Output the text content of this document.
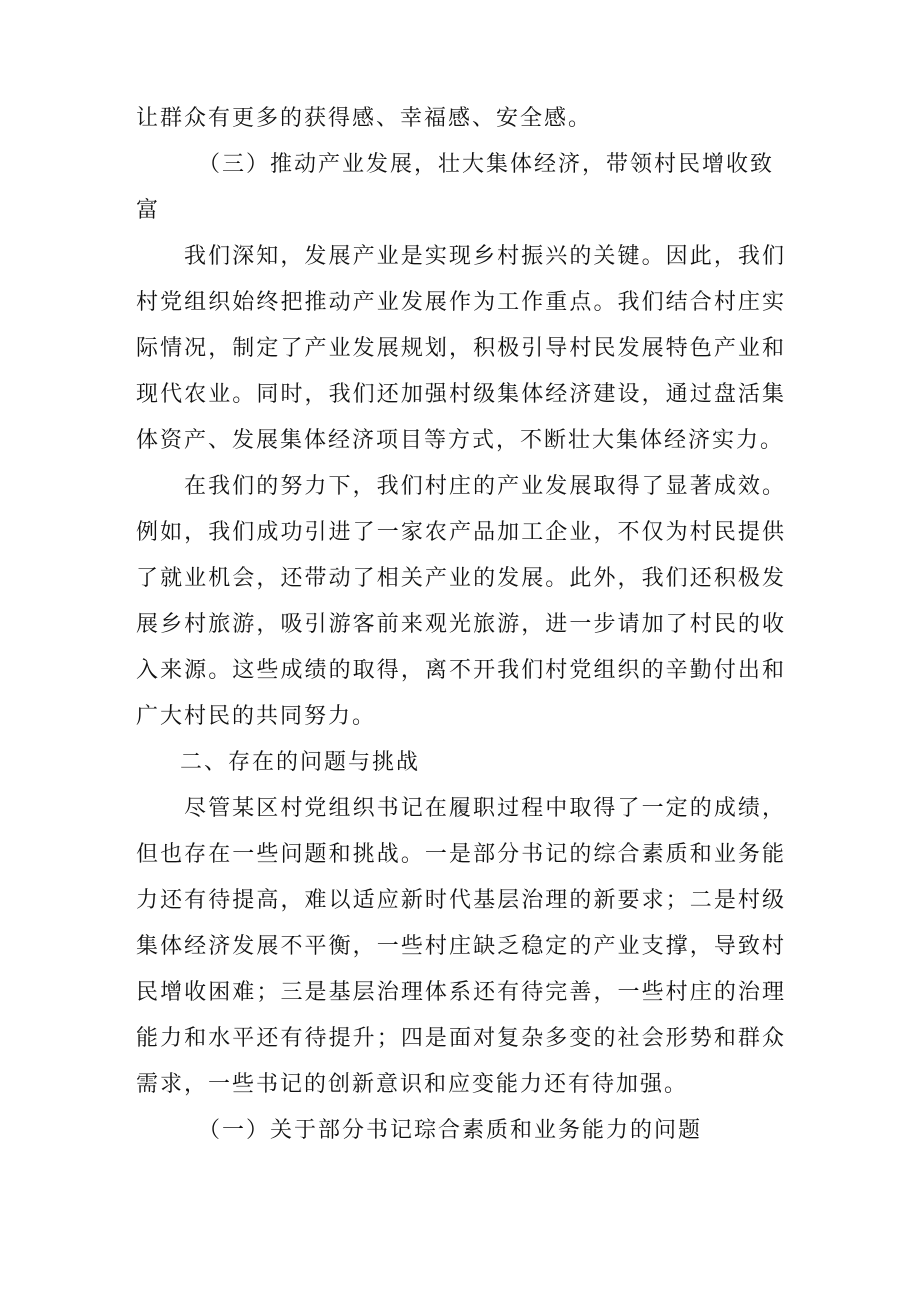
让群众有更多的获得感、幸福感、安全感。

（三）推动产业发展，壮大集体经济，带领村民增收致富

我们深知，发展产业是实现乡村振兴的关键。因此，我们村党组织始终把推动产业发展作为工作重点。我们结合村庄实际情况，制定了产业发展规划，积极引导村民发展特色产业和现代农业。同时，我们还加强村级集体经济建设，通过盘活集体资产、发展集体经济项目等方式，不断壮大集体经济实力。

在我们的努力下，我们村庄的产业发展取得了显著成效。例如，我们成功引进了一家农产品加工企业，不仅为村民提供了就业机会，还带动了相关产业的发展。此外，我们还积极发展乡村旅游，吸引游客前来观光旅游，进一步请加了村民的收入来源。这些成绩的取得，离不开我们村党组织的辛勤付出和广大村民的共同努力。

二、存在的问题与挑战

尽管某区村党组织书记在履职过程中取得了一定的成绩，但也存在一些问题和挑战。一是部分书记的综合素质和业务能力还有待提高，难以适应新时代基层治理的新要求；二是村级集体经济发展不平衡，一些村庄缺乏稳定的产业支撑，导致村民增收困难；三是基层治理体系还有待完善，一些村庄的治理能力和水平还有待提升；四是面对复杂多变的社会形势和群众需求，一些书记的创新意识和应变能力还有待加强。

（一）关于部分书记琮合素质和业务能力的问题
